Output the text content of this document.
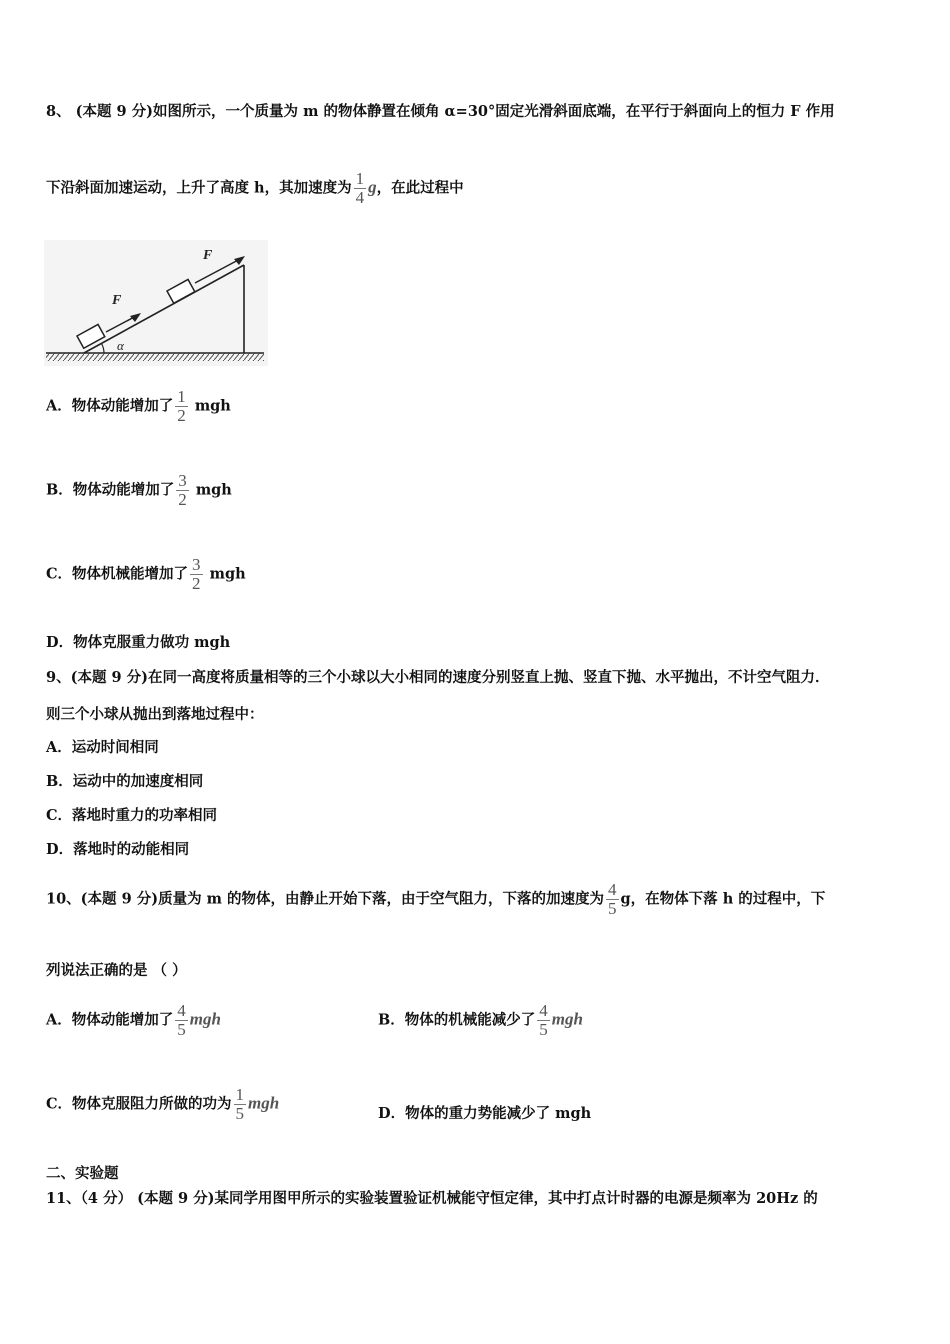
8、 (本题 9 分)如图所示，一个质量为 m 的物体静置在倾角 α=30°固定光滑斜面底端，在平行于斜面向上的恒力 F 作用
下沿斜面加速运动，上升了高度 h，其加速度为 $\frac{1}{4}$ g，在此过程中
α
F
F
A．物体动能增加了 $\frac{1}{2}$ mgh
B．物体动能增加了 $\frac{3}{2}$ mgh
C．物体机械能增加了 $\frac{3}{2}$ mgh
D．物体克服重力做功 mgh
9、(本题 9 分)在同一高度将质量相等的三个小球以大小相同的速度分别竖直上抛、竖直下抛、水平抛出，不计空气阻力．
则三个小球从抛出到落地过程中：
A．运动时间相同
B．运动中的加速度相同
C．落地时重力的功率相同
D．落地时的动能相同
10、(本题 9 分)质量为 m 的物体，由静止开始下落，由于空气阻力，下落的加速度为 $\frac{4}{5}$ g，在物体下落 h 的过程中，下
列说法正确的是 （ ）
A．物体动能增加了 $\frac{4}{5}$ mgh	B．物体的机械能减少了 $\frac{4}{5}$ mgh
C．物体克服阻力所做的功为 $\frac{1}{5}$ mgh
D．物体的重力势能减少了 mgh
二、实验题
11、（4 分） (本题 9 分)某同学用图甲所示的实验装置验证机械能守恒定律，其中打点计时器的电源是频率为 20Hz 的
